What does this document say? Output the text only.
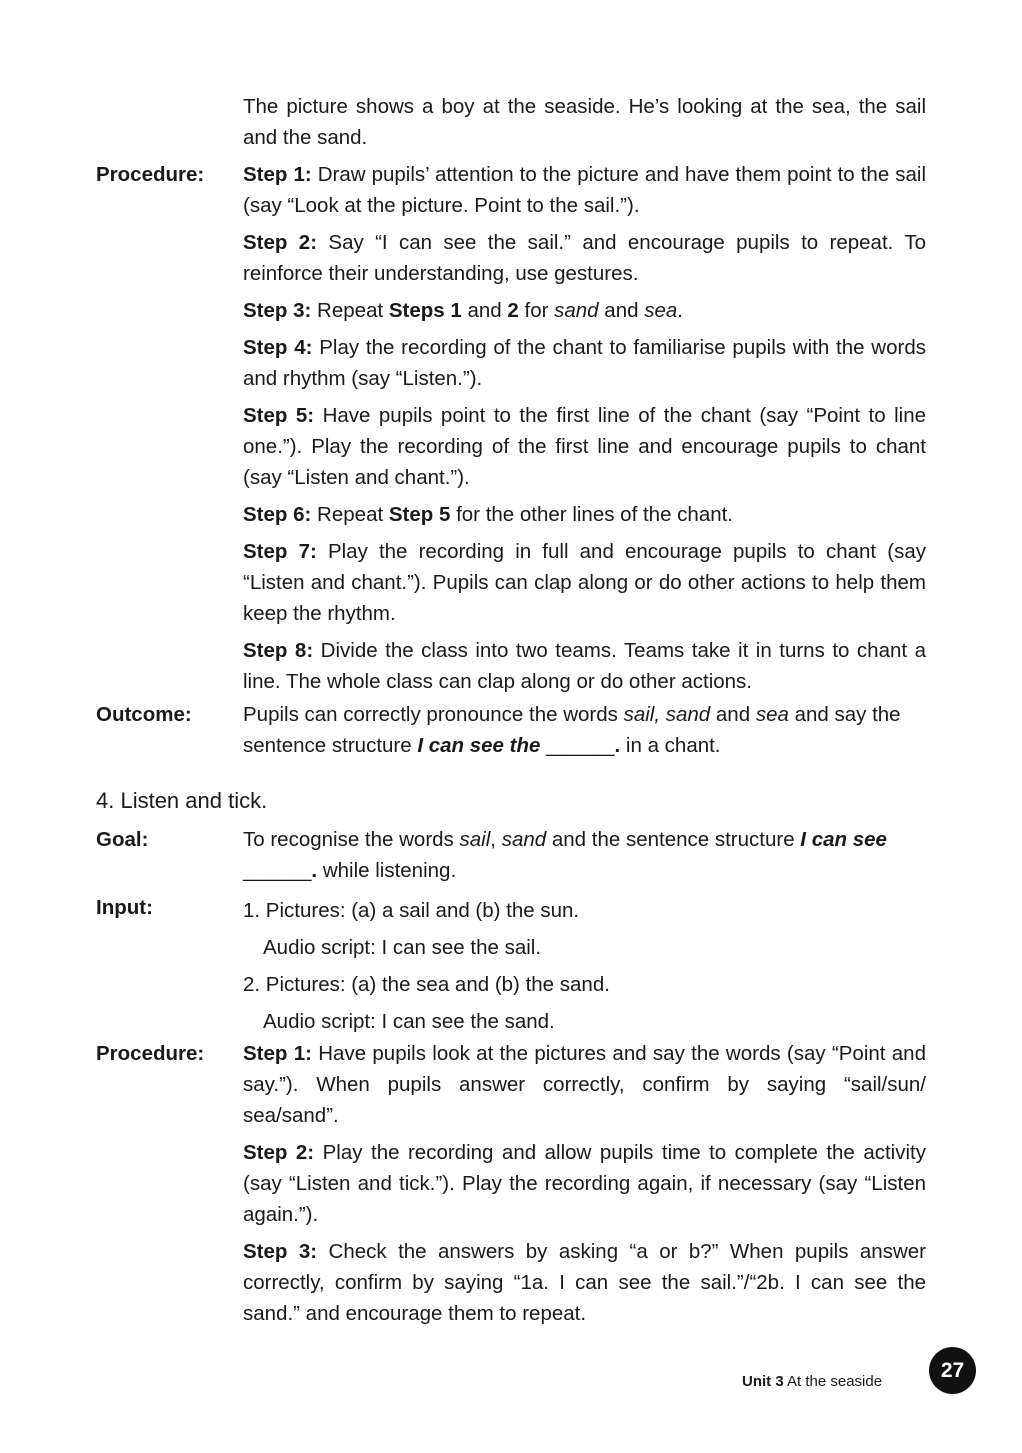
The picture shows a boy at the seaside. He’s looking at the sea, the sail and the sand.
Procedure: Step 1: Draw pupils’ attention to the picture and have them point to the sail (say “Look at the picture. Point to the sail.”).

Step 2: Say “I can see the sail.” and encourage pupils to repeat. To reinforce their understanding, use gestures.

Step 3: Repeat Steps 1 and 2 for sand and sea.

Step 4: Play the recording of the chant to familiarise pupils with the words and rhythm (say “Listen.”).

Step 5: Have pupils point to the first line of the chant (say “Point to line one.”). Play the recording of the first line and encourage pupils to chant (say “Listen and chant.”).

Step 6: Repeat Step 5 for the other lines of the chant.

Step 7: Play the recording in full and encourage pupils to chant (say “Listen and chant.”). Pupils can clap along or do other actions to help them keep the rhythm.

Step 8: Divide the class into two teams. Teams take it in turns to chant a line. The whole class can clap along or do other actions.

Outcome:	Pupils can correctly pronounce the words sail, sand and sea and say the sentence structure I can see the ______. in a chant.

4. Listen and tick.
Goal:	To recognise the words sail, sand and the sentence structure I can see
______. while listening.

Input:	1. Pictures: (a) a sail and (b) the sun.
Audio script: I can see the sail.
2. Pictures: (a) the sea and (b) the sand.
Audio script: I can see the sand.
Procedure: Step 1: Have pupils look at the pictures and say the words (say “Point and say.”). When pupils answer correctly, confirm by saying “sail/sun/ sea/sand”.

Step 2: Play the recording and allow pupils time to complete the activity (say “Listen and tick.”). Play the recording again, if necessary (say “Listen again.”).

Step 3: Check the answers by asking “a or b?” When pupils answer correctly, confirm by saying “1a. I can see the sail.”/“2b. I can see the sand.” and encourage them to repeat.

Unit 3 At the seaside	27
